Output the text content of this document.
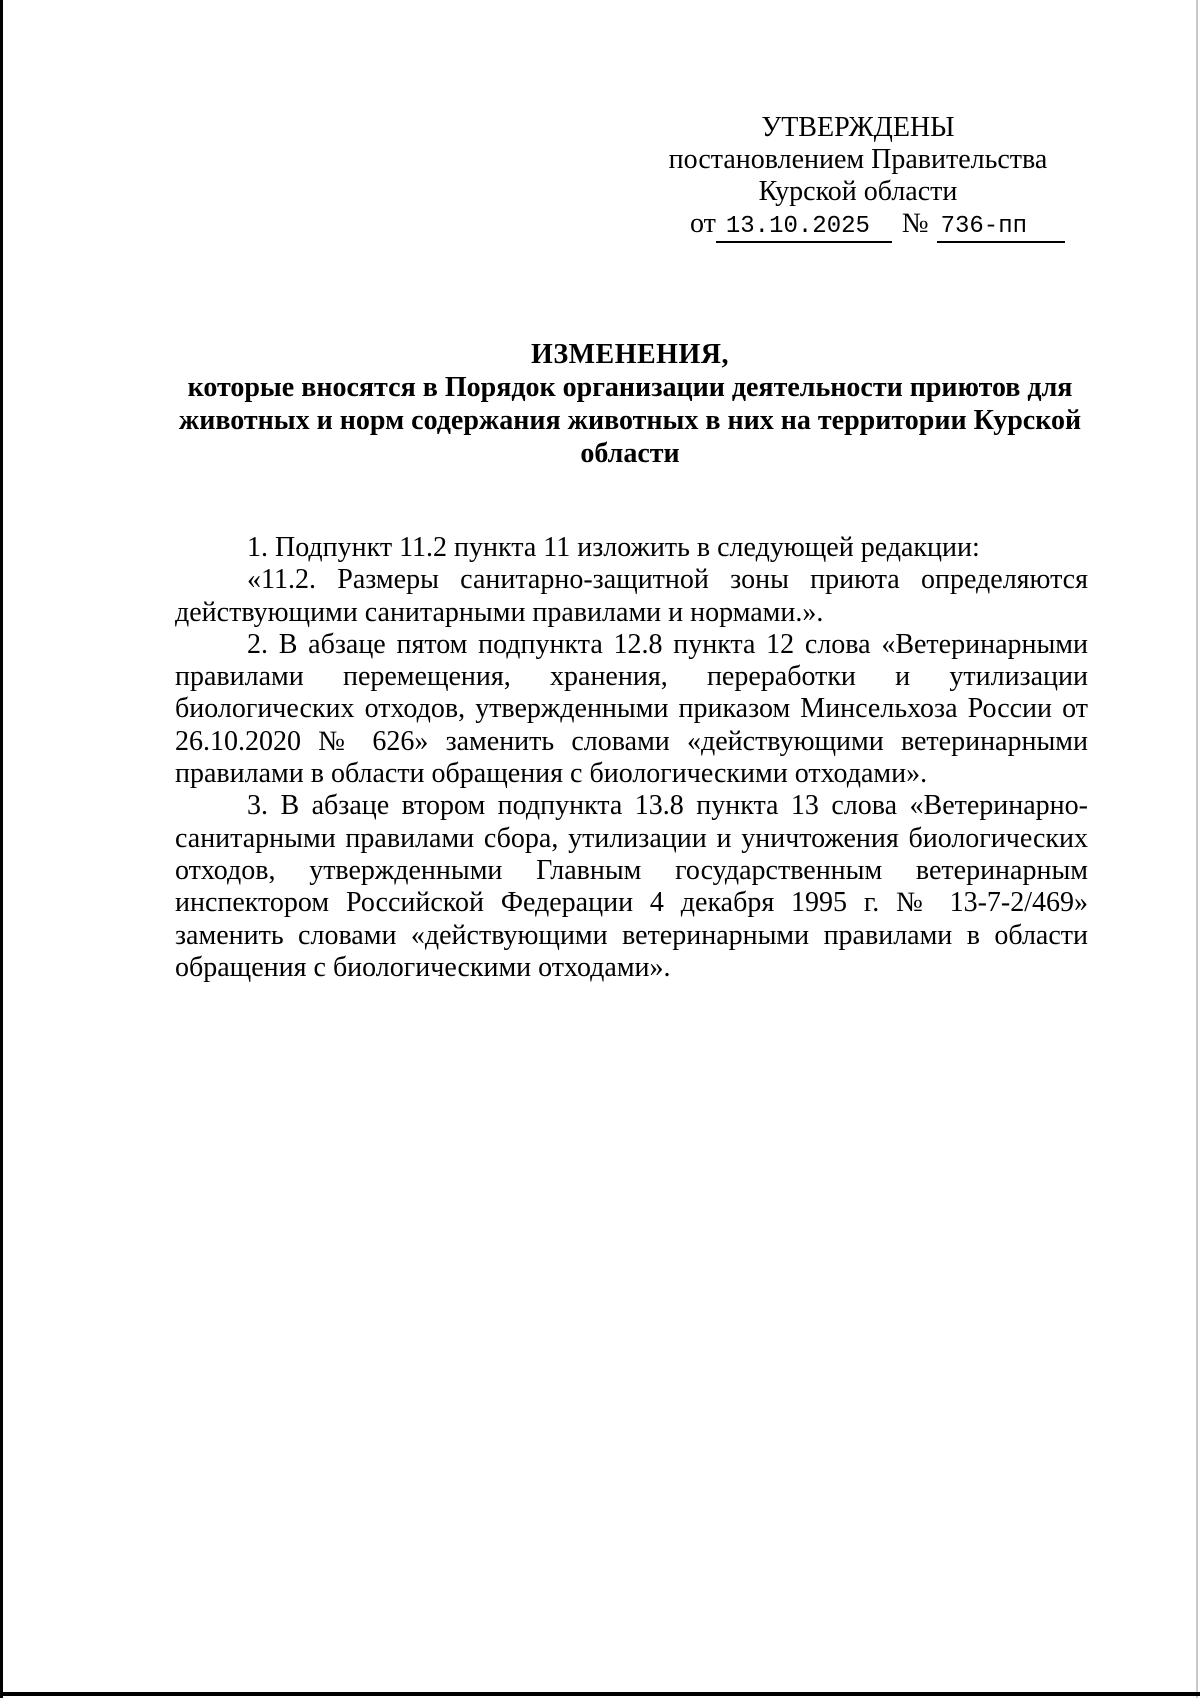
УТВЕРЖДЕНЫ
постановлением Правительства
Курской области
от 13.10.2025 № 736-пп
ИЗМЕНЕНИЯ,
которые вносятся в Порядок организации деятельности приютов для животных и норм содержания животных в них на территории Курской области

1. Подпункт 11.2 пункта 11 изложить в следующей редакции:

«11.2. Размеры санитарно-защитной зоны приюта определяются действующими санитарными правилами и нормами.».

2. В абзаце пятом подпункта 12.8 пункта 12 слова «Ветеринарными правилами перемещения, хранения, переработки и утилизации биологических отходов, утвержденными приказом Минсельхоза России от 26.10.2020 № 626» заменить словами «действующими ветеринарными правилами в области обращения с биологическими отходами».

3. В абзаце втором подпункта 13.8 пункта 13 слова «Ветеринарно-санитарными правилами сбора, утилизации и уничтожения биологических отходов, утвержденными Главным государственным ветеринарным инспектором Российской Федерации 4 декабря 1995 г. № 13-7-2/469» заменить словами «действующими ветеринарными правилами в области обращения с биологическими отходами».
